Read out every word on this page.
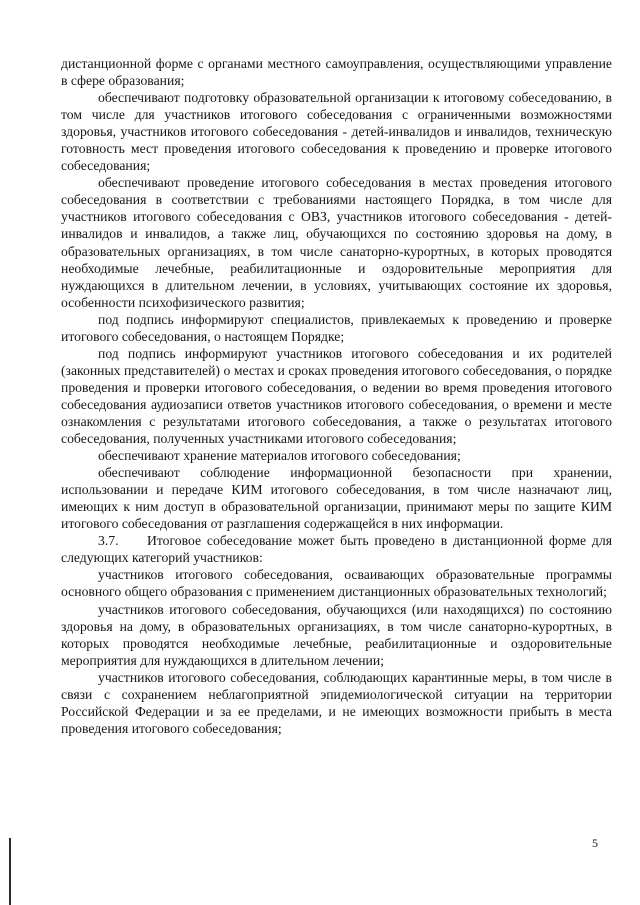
дистанционной форме с органами местного самоуправления, осуществляющими управление в сфере образования;

обеспечивают подготовку образовательной организации к итоговому собеседованию, в том числе для участников итогового собеседования с ограниченными возможностями здоровья, участников итогового собеседования - детей-инвалидов и инвалидов, техническую готовность мест проведения итогового собеседования к проведению и проверке итогового собеседования;

обеспечивают проведение итогового собеседования в местах проведения итогового собеседования в соответствии с требованиями настоящего Порядка, в том числе для участников итогового собеседования с ОВЗ, участников итогового собеседования - детей-инвалидов и инвалидов, а также лиц, обучающихся по состоянию здоровья на дому, в образовательных организациях, в том числе санаторно-курортных, в которых проводятся необходимые лечебные, реабилитационные и оздоровительные мероприятия для нуждающихся в длительном лечении, в условиях, учитывающих состояние их здоровья, особенности психофизического развития;

под подпись информируют специалистов, привлекаемых к проведению и проверке итогового собеседования, о настоящем Порядке;

под подпись информируют участников итогового собеседования и их родителей (законных представителей) о местах и сроках проведения итогового собеседования, о порядке проведения и проверки итогового собеседования, о ведении во время проведения итогового собеседования аудиозаписи ответов участников итогового собеседования, о времени и месте ознакомления с результатами итогового собеседования, а также о результатах итогового собеседования, полученных участниками итогового собеседования;

обеспечивают хранение материалов итогового собеседования;

обеспечивают соблюдение информационной безопасности при хранении, использовании и передаче КИМ итогового собеседования, в том числе назначают лиц, имеющих к ним доступ в образовательной организации, принимают меры по защите КИМ итогового собеседования от разглашения содержащейся в них информации.

3.7. Итоговое собеседование может быть проведено в дистанционной форме для следующих категорий участников:

участников итогового собеседования, осваивающих образовательные программы основного общего образования с применением дистанционных образовательных технологий;

участников итогового собеседования, обучающихся (или находящихся) по состоянию здоровья на дому, в образовательных организациях, в том числе санаторно-курортных, в которых проводятся необходимые лечебные, реабилитационные и оздоровительные мероприятия для нуждающихся в длительном лечении;

участников итогового собеседования, соблюдающих карантинные меры, в том числе в связи с сохранением неблагоприятной эпидемиологической ситуации на территории Российской Федерации и за ее пределами, и не имеющих возможности прибыть в места проведения итогового собеседования;

5
